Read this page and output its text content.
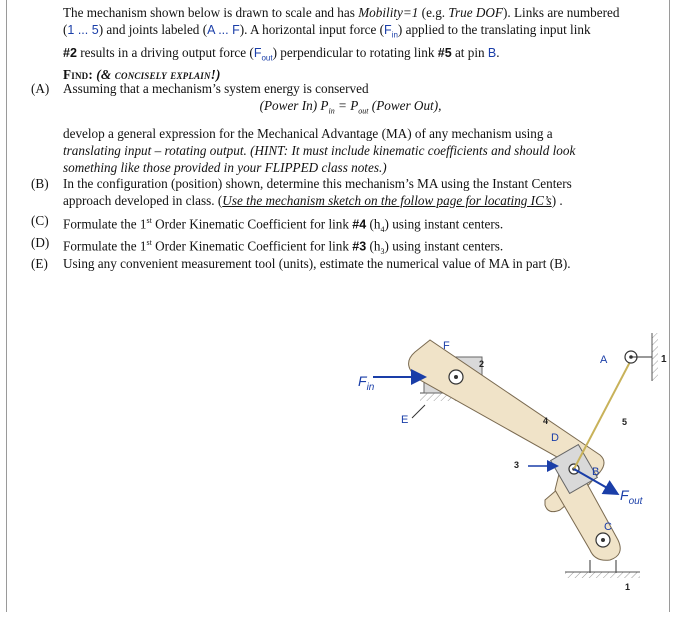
The mechanism shown below is drawn to scale and has Mobility=1 (e.g. True DOF). Links are numbered

(1 ... 5) and joints labeled (A ... F). A horizontal input force $(F_{in})$ applied to the translating input link

#2 results in a driving output force $(F_{out})$ perpendicular to rotating link #5 at pin B.

Find: (& concisely explain!)

(A) Assuming that a mechanism’s system energy is conserved
(Power In) $P_{in} = P_{out}$ (Power Out),
develop a general expression for the Mechanical Advantage (MA) of any mechanism using a
translating input – rotating output. (HINT: It must include kinematic coefficients and should look
something like those provided in your FLIPPED class notes.)
(B) In the configuration (position) shown, determine this mechanism’s MA using the Instant Centers
approach developed in class. (Use the mechanism sketch on the follow page for locating IC’s) .
(C) Formulate the 1st Order Kinematic Coefficient for link #4 $(h_4)$ using instant centers.
(D) Formulate the 1st Order Kinematic Coefficient for link #3 $(h_3)$ using instant centers.
(E) Using any convenient measurement tool (units), estimate the numerical value of MA in part (B).
$F_{in}$
$F_{out}$
F
A
E
D
B
C
2
3
4	5
1
1
